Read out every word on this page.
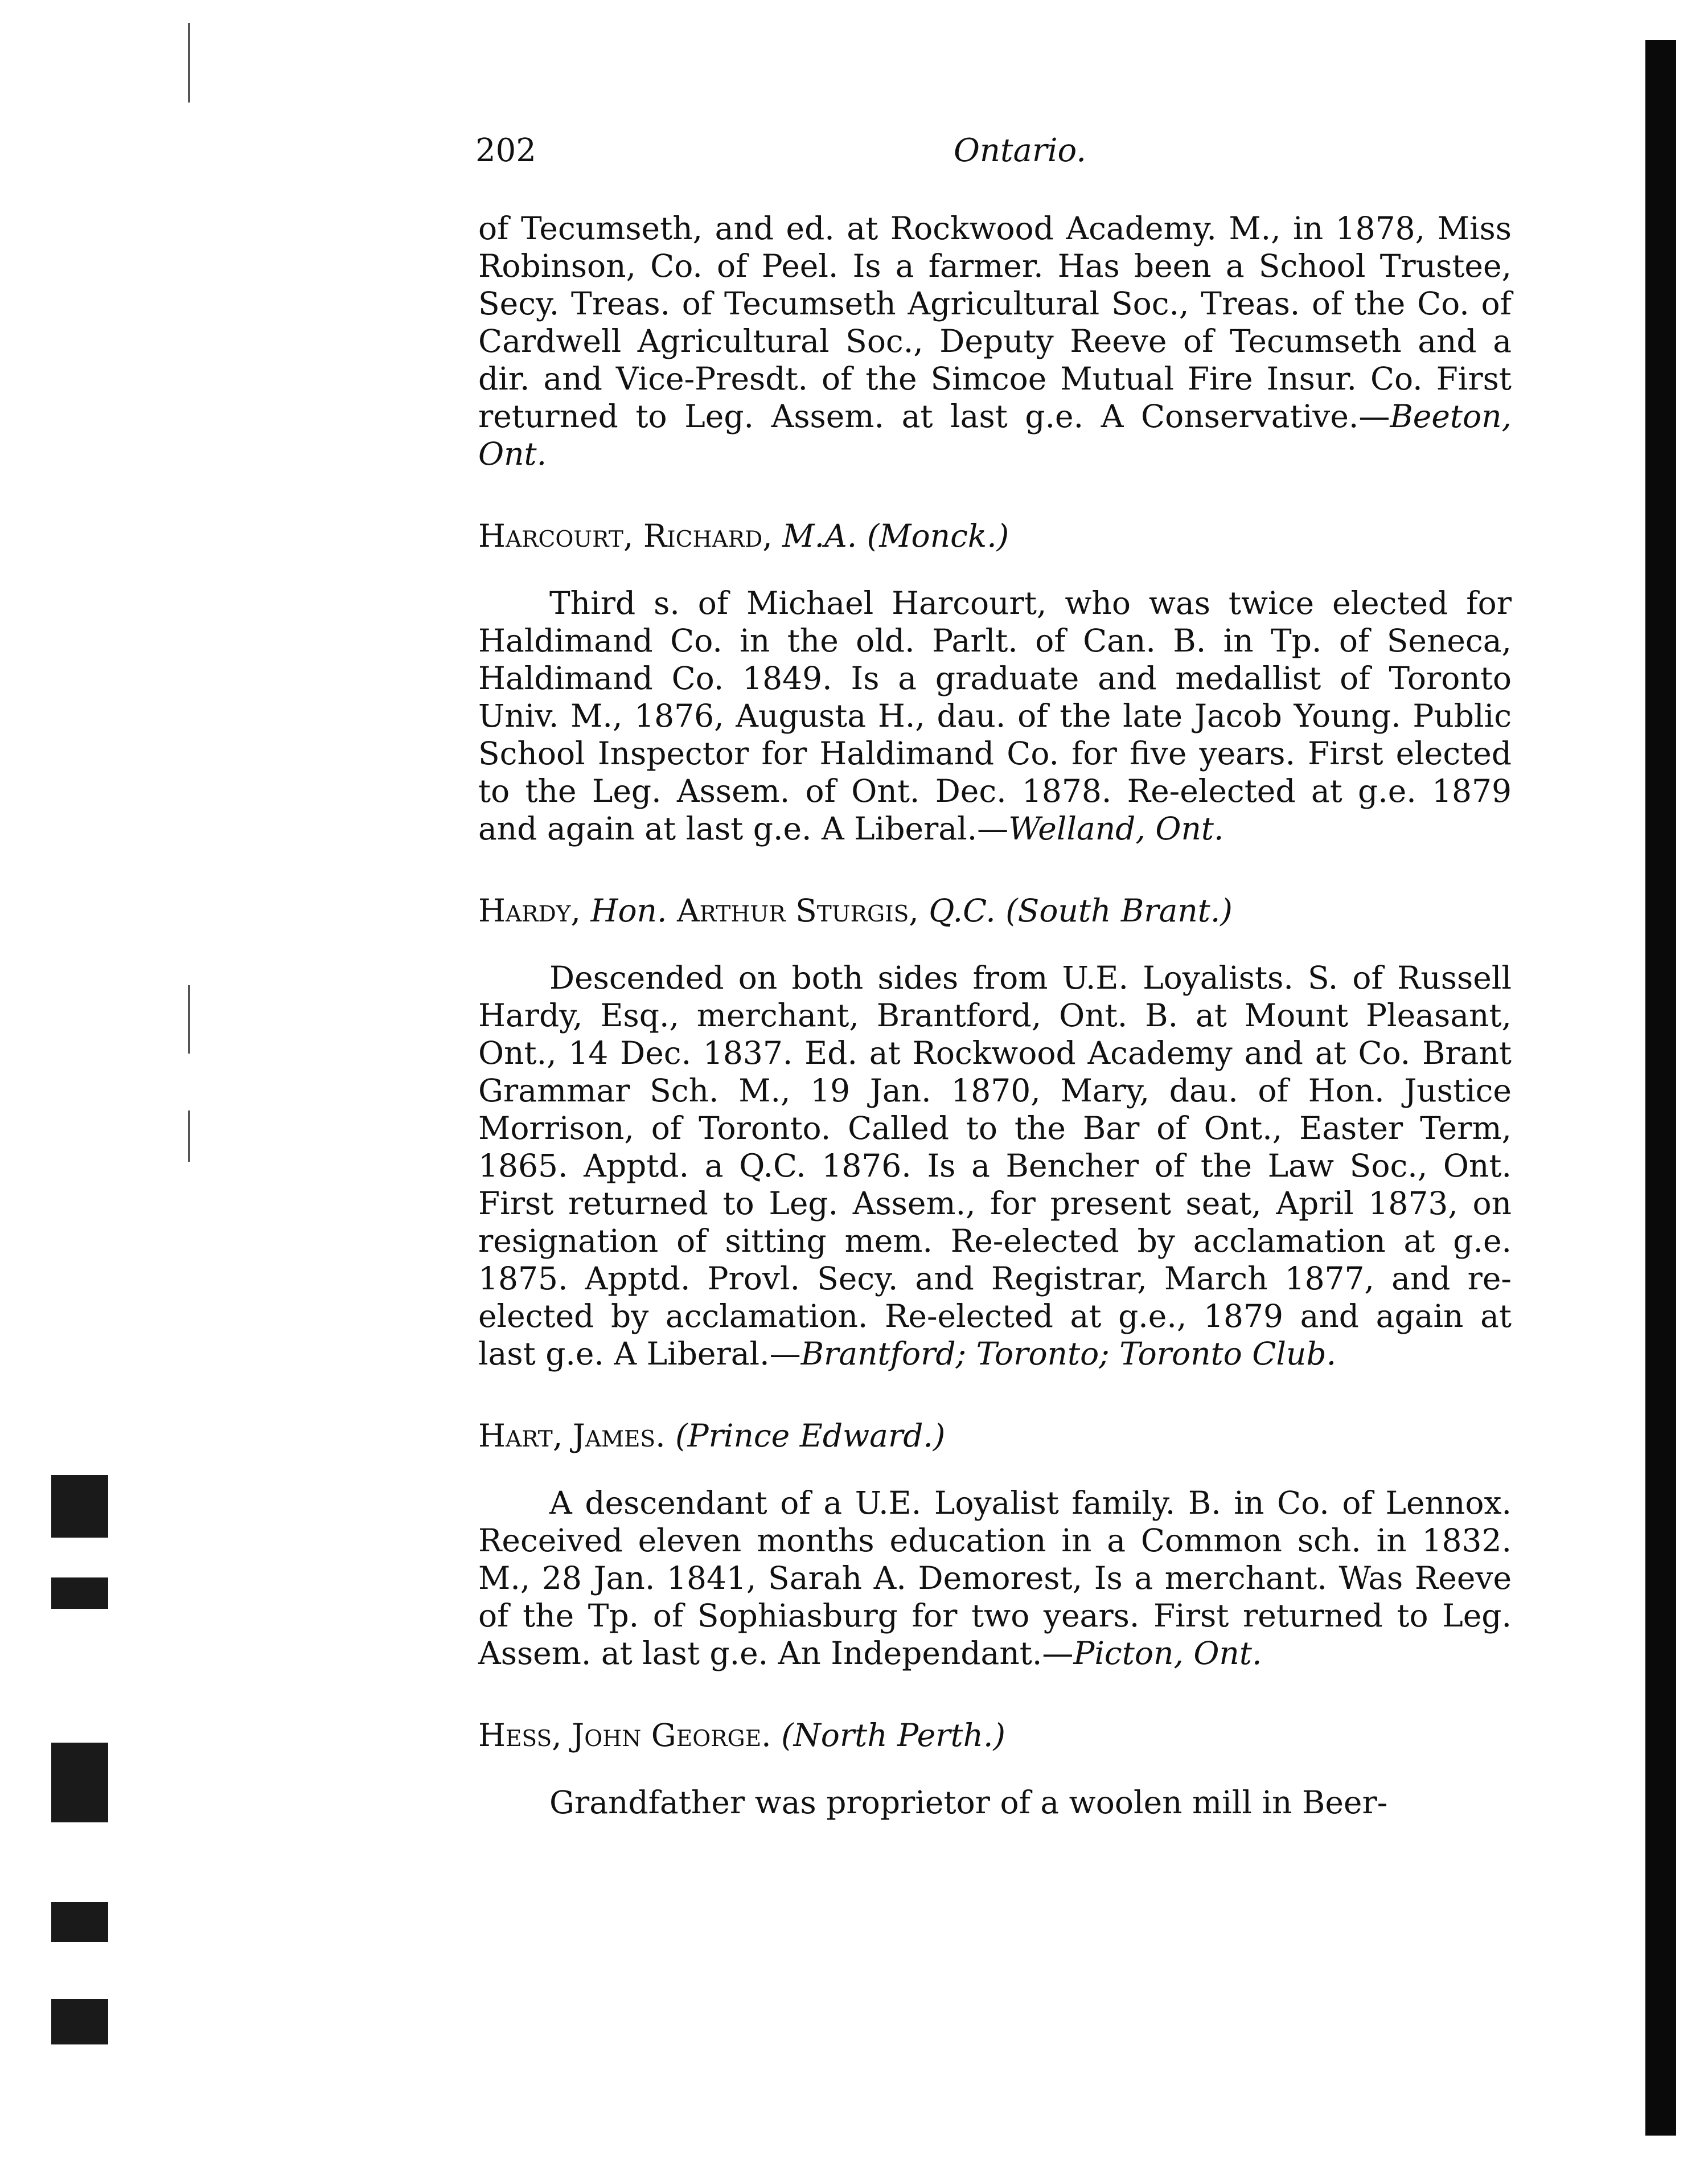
202	Ontario.

of Tecumseth, and ed. at Rockwood Academy. M., in 1878, Miss Robinson, Co. of Peel. Is a farmer. Has been a School Trustee, Secy. Treas. of Tecumseth Agricultural Soc., Treas. of the Co. of Cardwell Agricultural Soc., Deputy Reeve of Tecumseth and a dir. and Vice-Presdt. of the Simcoe Mutual Fire Insur. Co. First returned to Leg. Assem. at last g.e. A Conservative.—Beeton, Ont.

Harcourt, Richard, M.A. (Monck.)

Third s. of Michael Harcourt, who was twice elected for Haldimand Co. in the old. Parlt. of Can. B. in Tp. of Seneca, Haldimand Co. 1849. Is a graduate and medallist of Toronto Univ. M., 1876, Augusta H., dau. of the late Jacob Young. Public School Inspector for Haldimand Co. for five years. First elected to the Leg. Assem. of Ont. Dec. 1878. Re-elected at g.e. 1879 and again at last g.e. A Liberal.—Welland, Ont.

Hardy, Hon. Arthur Sturgis, Q.C. (South Brant.)

Descended on both sides from U.E. Loyalists. S. of Russell Hardy, Esq., merchant, Brantford, Ont. B. at Mount Pleasant, Ont., 14 Dec. 1837. Ed. at Rockwood Academy and at Co. Brant Grammar Sch. M., 19 Jan. 1870, Mary, dau. of Hon. Justice Morrison, of Toronto. Called to the Bar of Ont., Easter Term, 1865. Apptd. a Q.C. 1876. Is a Bencher of the Law Soc., Ont. First returned to Leg. Assem., for present seat, April 1873, on resignation of sitting mem. Re-elected by acclamation at g.e. 1875. Apptd. Provl. Secy. and Registrar, March 1877, and re-elected by acclamation. Re-elected at g.e., 1879 and again at last g.e. A Liberal.—Brantford; Toronto; Toronto Club.

Hart, James. (Prince Edward.)

A descendant of a U.E. Loyalist family. B. in Co. of Lennox. Received eleven months education in a Common sch. in 1832. M., 28 Jan. 1841, Sarah A. Demorest, Is a merchant. Was Reeve of the Tp. of Sophiasburg for two years. First returned to Leg. Assem. at last g.e. An Independant.—Picton, Ont.

Hess, John George. (North Perth.)

Grandfather was proprietor of a woolen mill in Beer-
